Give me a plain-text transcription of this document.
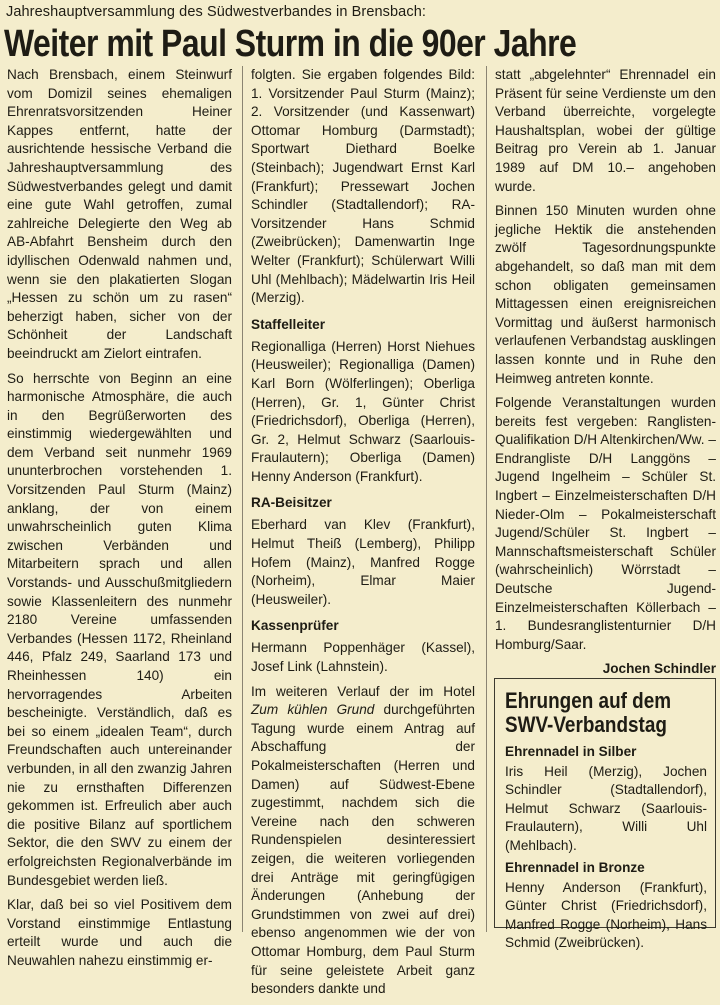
Jahreshauptversammlung des Südwestverbandes in Brensbach:
Weiter mit Paul Sturm in die 90er Jahre

Nach Brensbach, einem Steinwurf vom Domizil seines ehemaligen Ehrenratsvorsitzenden Heiner Kappes entfernt, hatte der ausrichtende hessische Verband die Jahreshauptversammlung des Südwestverbandes gelegt und damit eine gute Wahl getroffen, zumal zahlreiche Delegierte den Weg ab AB-Abfahrt Bensheim durch den idyllischen Odenwald nahmen und, wenn sie den plakatierten Slogan „Hessen zu schön um zu rasen“ beherzigt haben, sicher von der Schönheit der Landschaft beeindruckt am Zielort eintrafen.

So herrschte von Beginn an eine harmonische Atmosphäre, die auch in den Begrüßerworten des einstimmig wiedergewählten und dem Verband seit nunmehr 1969 ununterbrochen vorstehenden 1. Vorsitzenden Paul Sturm (Mainz) anklang, der von einem unwahrscheinlich guten Klima zwischen Verbänden und Mitarbeitern sprach und allen Vorstands- und Ausschußmitgliedern sowie Klassenleitern des nunmehr 2180 Vereine umfassenden Verbandes (Hessen 1172, Rheinland 446, Pfalz 249, Saarland 173 und Rheinhessen 140) ein hervorragendes Arbeiten bescheinigte. Verständlich, daß es bei so einem „idealen Team“, durch Freundschaften auch untereinander verbunden, in all den zwanzig Jahren nie zu ernsthaften Differenzen gekommen ist. Erfreulich aber auch die positive Bilanz auf sportlichem Sektor, die den SWV zu einem der erfolgreichsten Regionalverbände im Bundesgebiet werden ließ.

Klar, daß bei so viel Positivem dem Vorstand einstimmige Entlastung erteilt wurde und auch die Neuwahlen nahezu einstimmig er-

folgten. Sie ergaben folgendes Bild: 1. Vorsitzender Paul Sturm (Mainz); 2. Vorsitzender (und Kassenwart) Ottomar Homburg (Darmstadt); Sportwart Diethard Boelke (Steinbach); Jugendwart Ernst Karl (Frankfurt); Pressewart Jochen Schindler (Stadtallendorf); RA-Vorsitzender Hans Schmid (Zweibrücken); Damenwartin Inge Welter (Frankfurt); Schülerwart Willi Uhl (Mehlbach); Mädelwartin Iris Heil (Merzig).

Staffelleiter

Regionalliga (Herren) Horst Niehues (Heusweiler); Regionalliga (Damen) Karl Born (Wölferlingen); Oberliga (Herren), Gr. 1, Günter Christ (Friedrichsdorf), Oberliga (Herren), Gr. 2, Helmut Schwarz (Saarlouis-Fraulautern); Oberliga (Damen) Henny Anderson (Frankfurt).

RA-Beisitzer

Eberhard van Klev (Frankfurt), Helmut Theiß (Lemberg), Philipp Hofem (Mainz), Manfred Rogge (Norheim), Elmar Maier (Heusweiler).

Kassenprüfer

Hermann Poppenhäger (Kassel), Josef Link (Lahnstein).

Im weiteren Verlauf der im Hotel Zum kühlen Grund durchgeführten Tagung wurde einem Antrag auf Abschaffung der Pokalmeisterschaften (Herren und Damen) auf Südwest-Ebene zugestimmt, nachdem sich die Vereine nach den schweren Rundenspielen desinteressiert zeigen, die weiteren vorliegenden drei Anträge mit geringfügigen Änderungen (Anhebung der Grundstimmen von zwei auf drei) ebenso angenommen wie der von Ottomar Homburg, dem Paul Sturm für seine geleistete Arbeit ganz besonders dankte und

statt „abgelehnter“ Ehrennadel ein Präsent für seine Verdienste um den Verband überreichte, vorgelegte Haushaltsplan, wobei der gültige Beitrag pro Verein ab 1. Januar 1989 auf DM 10.– angehoben wurde.

Binnen 150 Minuten wurden ohne jegliche Hektik die anstehenden zwölf Tagesordnungspunkte abgehandelt, so daß man mit dem schon obligaten gemeinsamen Mittagessen einen ereignisreichen Vormittag und äußerst harmonisch verlaufenen Verbandstag ausklingen lassen konnte und in Ruhe den Heimweg antreten konnte.

Folgende Veranstaltungen wurden bereits fest vergeben: Ranglisten-Qualifikation D/H Altenkirchen/Ww. – Endrangliste D/H Langgöns – Jugend Ingelheim – Schüler St. Ingbert – Einzelmeisterschaften D/H Nieder-Olm – Pokalmeisterschaft Jugend/Schüler St. Ingbert – Mannschaftsmeisterschaft Schüler (wahrscheinlich) Wörrstadt – Deutsche Jugend-Einzelmeisterschaften Köllerbach – 1. Bundesranglistenturnier D/H Homburg/Saar.

Jochen Schindler

Ehrungen auf dem
SWV-Verbandstag
Ehrennadel in Silber

Iris Heil (Merzig), Jochen Schindler (Stadtallendorf), Helmut Schwarz (Saarlouis-Fraulautern), Willi Uhl (Mehlbach).

Ehrennadel in Bronze

Henny Anderson (Frankfurt), Günter Christ (Friedrichsdorf), Manfred Rogge (Norheim), Hans Schmid (Zweibrücken).
